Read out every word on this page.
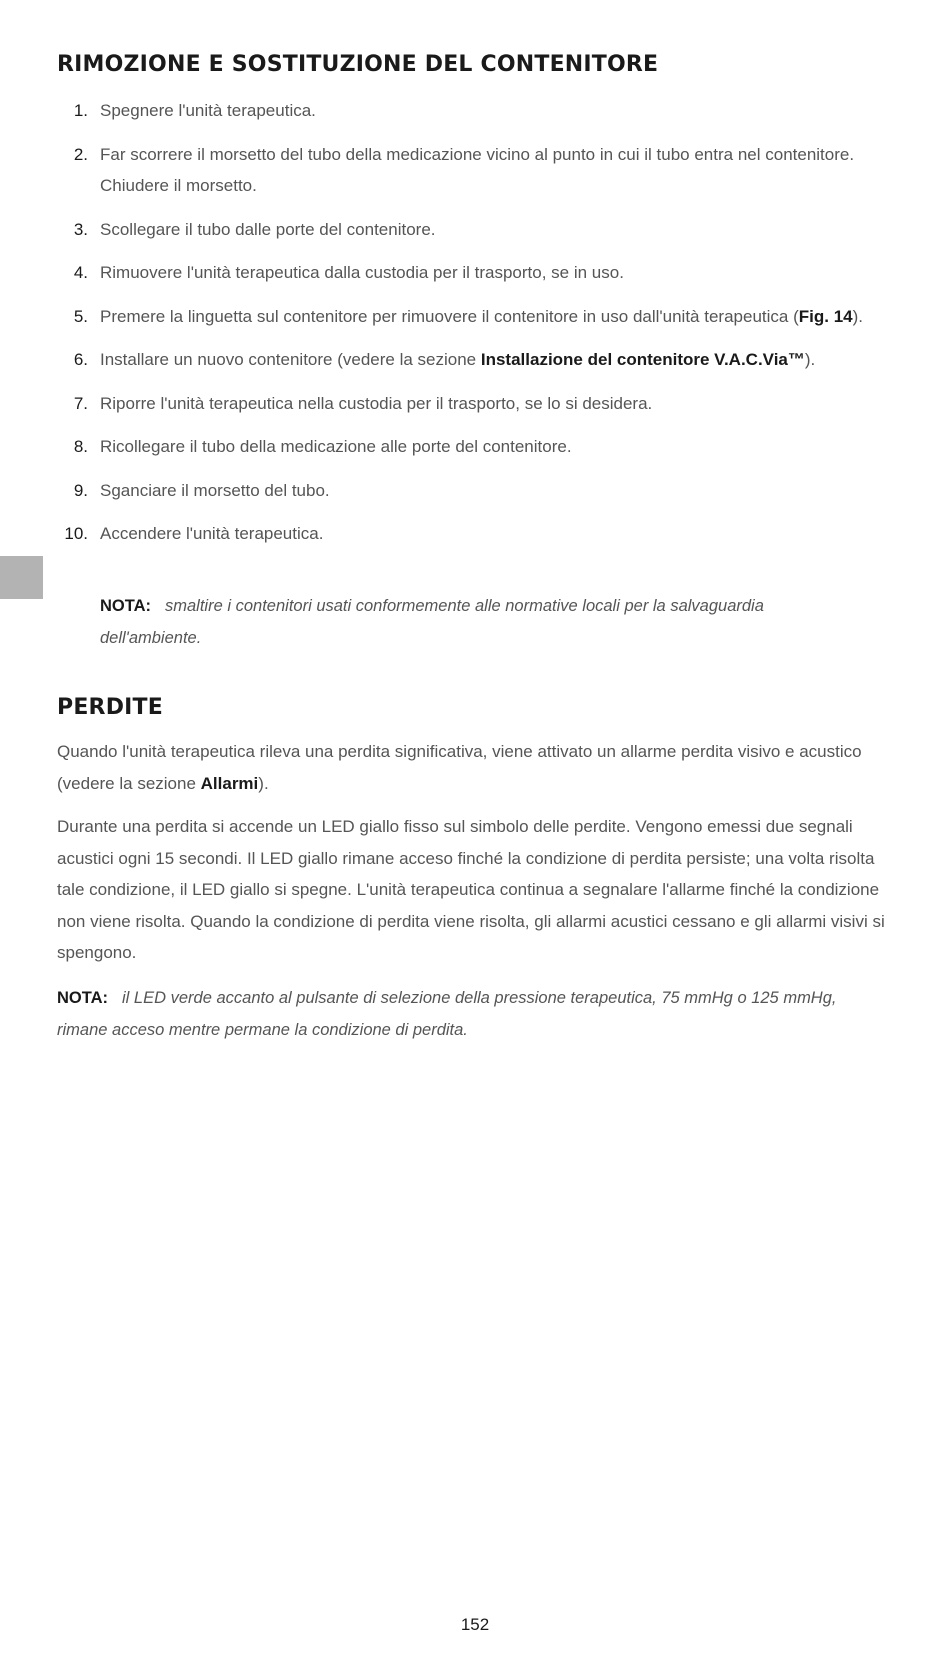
RIMOZIONE E SOSTITUZIONE DEL CONTENITORE
1. Spegnere l'unità terapeutica.
2. Far scorrere il morsetto del tubo della medicazione vicino al punto in cui il tubo entra nel contenitore. Chiudere il morsetto.
3. Scollegare il tubo dalle porte del contenitore.
4. Rimuovere l'unità terapeutica dalla custodia per il trasporto, se in uso.
5. Premere la linguetta sul contenitore per rimuovere il contenitore in uso dall'unità terapeutica (Fig. 14).
6. Installare un nuovo contenitore (vedere la sezione Installazione del contenitore V.A.C.Via™).
7. Riporre l'unità terapeutica nella custodia per il trasporto, se lo si desidera.
8. Ricollegare il tubo della medicazione alle porte del contenitore.
9. Sganciare il morsetto del tubo.
10. Accendere l'unità terapeutica.
NOTA: smaltire i contenitori usati conformemente alle normative locali per la salvaguardia dell'ambiente.
PERDITE

Quando l'unità terapeutica rileva una perdita significativa, viene attivato un allarme perdita visivo e acustico (vedere la sezione Allarmi).

Durante una perdita si accende un LED giallo fisso sul simbolo delle perdite. Vengono emessi due segnali acustici ogni 15 secondi. Il LED giallo rimane acceso finché la condizione di perdita persiste; una volta risolta tale condizione, il LED giallo si spegne. L'unità terapeutica continua a segnalare l'allarme finché la condizione non viene risolta. Quando la condizione di perdita viene risolta, gli allarmi acustici cessano e gli allarmi visivi si spengono.

NOTA: il LED verde accanto al pulsante di selezione della pressione terapeutica, 75 mmHg o 125 mmHg, rimane acceso mentre permane la condizione di perdita.
152
